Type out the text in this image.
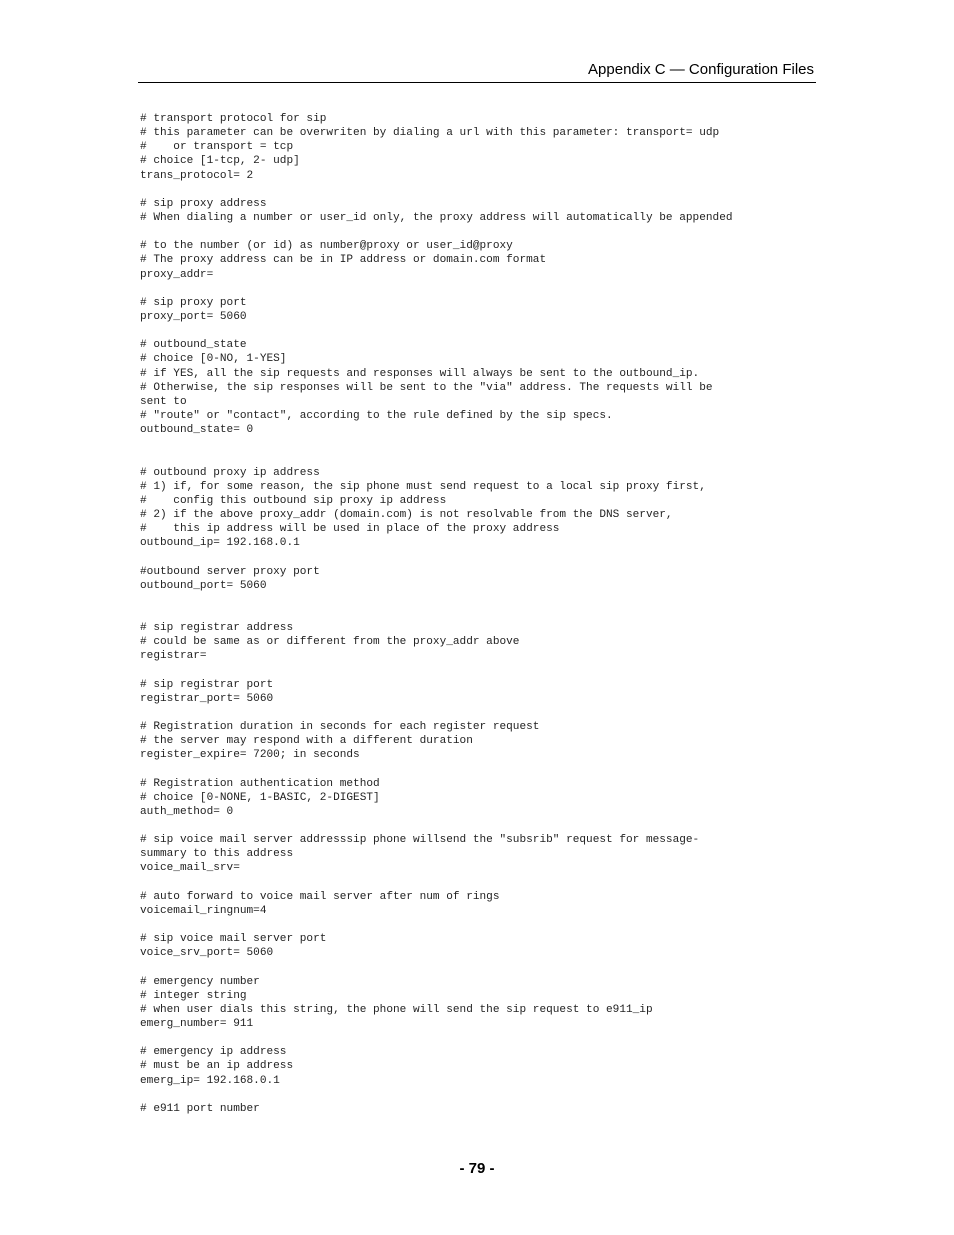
Appendix C — Configuration Files
# transport protocol for sip
# this parameter can be overwriten by dialing a url with this parameter: transport= udp
#    or transport = tcp
# choice [1-tcp, 2- udp]
trans_protocol= 2
# sip proxy address
# When dialing a number or user_id only, the proxy address will automatically be appended
# to the number (or id) as number@proxy or user_id@proxy
# The proxy address can be in IP address or domain.com format
proxy_addr=
# sip proxy port
proxy_port= 5060
# outbound_state
# choice [0-NO, 1-YES]
# if YES, all the sip requests and responses will always be sent to the outbound_ip.
# Otherwise, the sip responses will be sent to the "via" address. The requests will be
sent to
# "route" or "contact", according to the rule defined by the sip specs.
outbound_state= 0
# outbound proxy ip address
# 1) if, for some reason, the sip phone must send request to a local sip proxy first,
#    config this outbound sip proxy ip address
# 2) if the above proxy_addr (domain.com) is not resolvable from the DNS server,
#    this ip address will be used in place of the proxy address
outbound_ip= 192.168.0.1
#outbound server proxy port
outbound_port= 5060
# sip registrar address
# could be same as or different from the proxy_addr above
registrar=
# sip registrar port
registrar_port= 5060
# Registration duration in seconds for each register request
# the server may respond with a different duration
register_expire= 7200; in seconds
# Registration authentication method
# choice [0-NONE, 1-BASIC, 2-DIGEST]
auth_method= 0
# sip voice mail server addresssip phone willsend the "subsrib" request for message-
summary to this address
voice_mail_srv=
# auto forward to voice mail server after num of rings
voicemail_ringnum=4
# sip voice mail server port
voice_srv_port= 5060
# emergency number
# integer string
# when user dials this string, the phone will send the sip request to e911_ip
emerg_number= 911
# emergency ip address
# must be an ip address
emerg_ip= 192.168.0.1
# e911 port number
- 79 -
